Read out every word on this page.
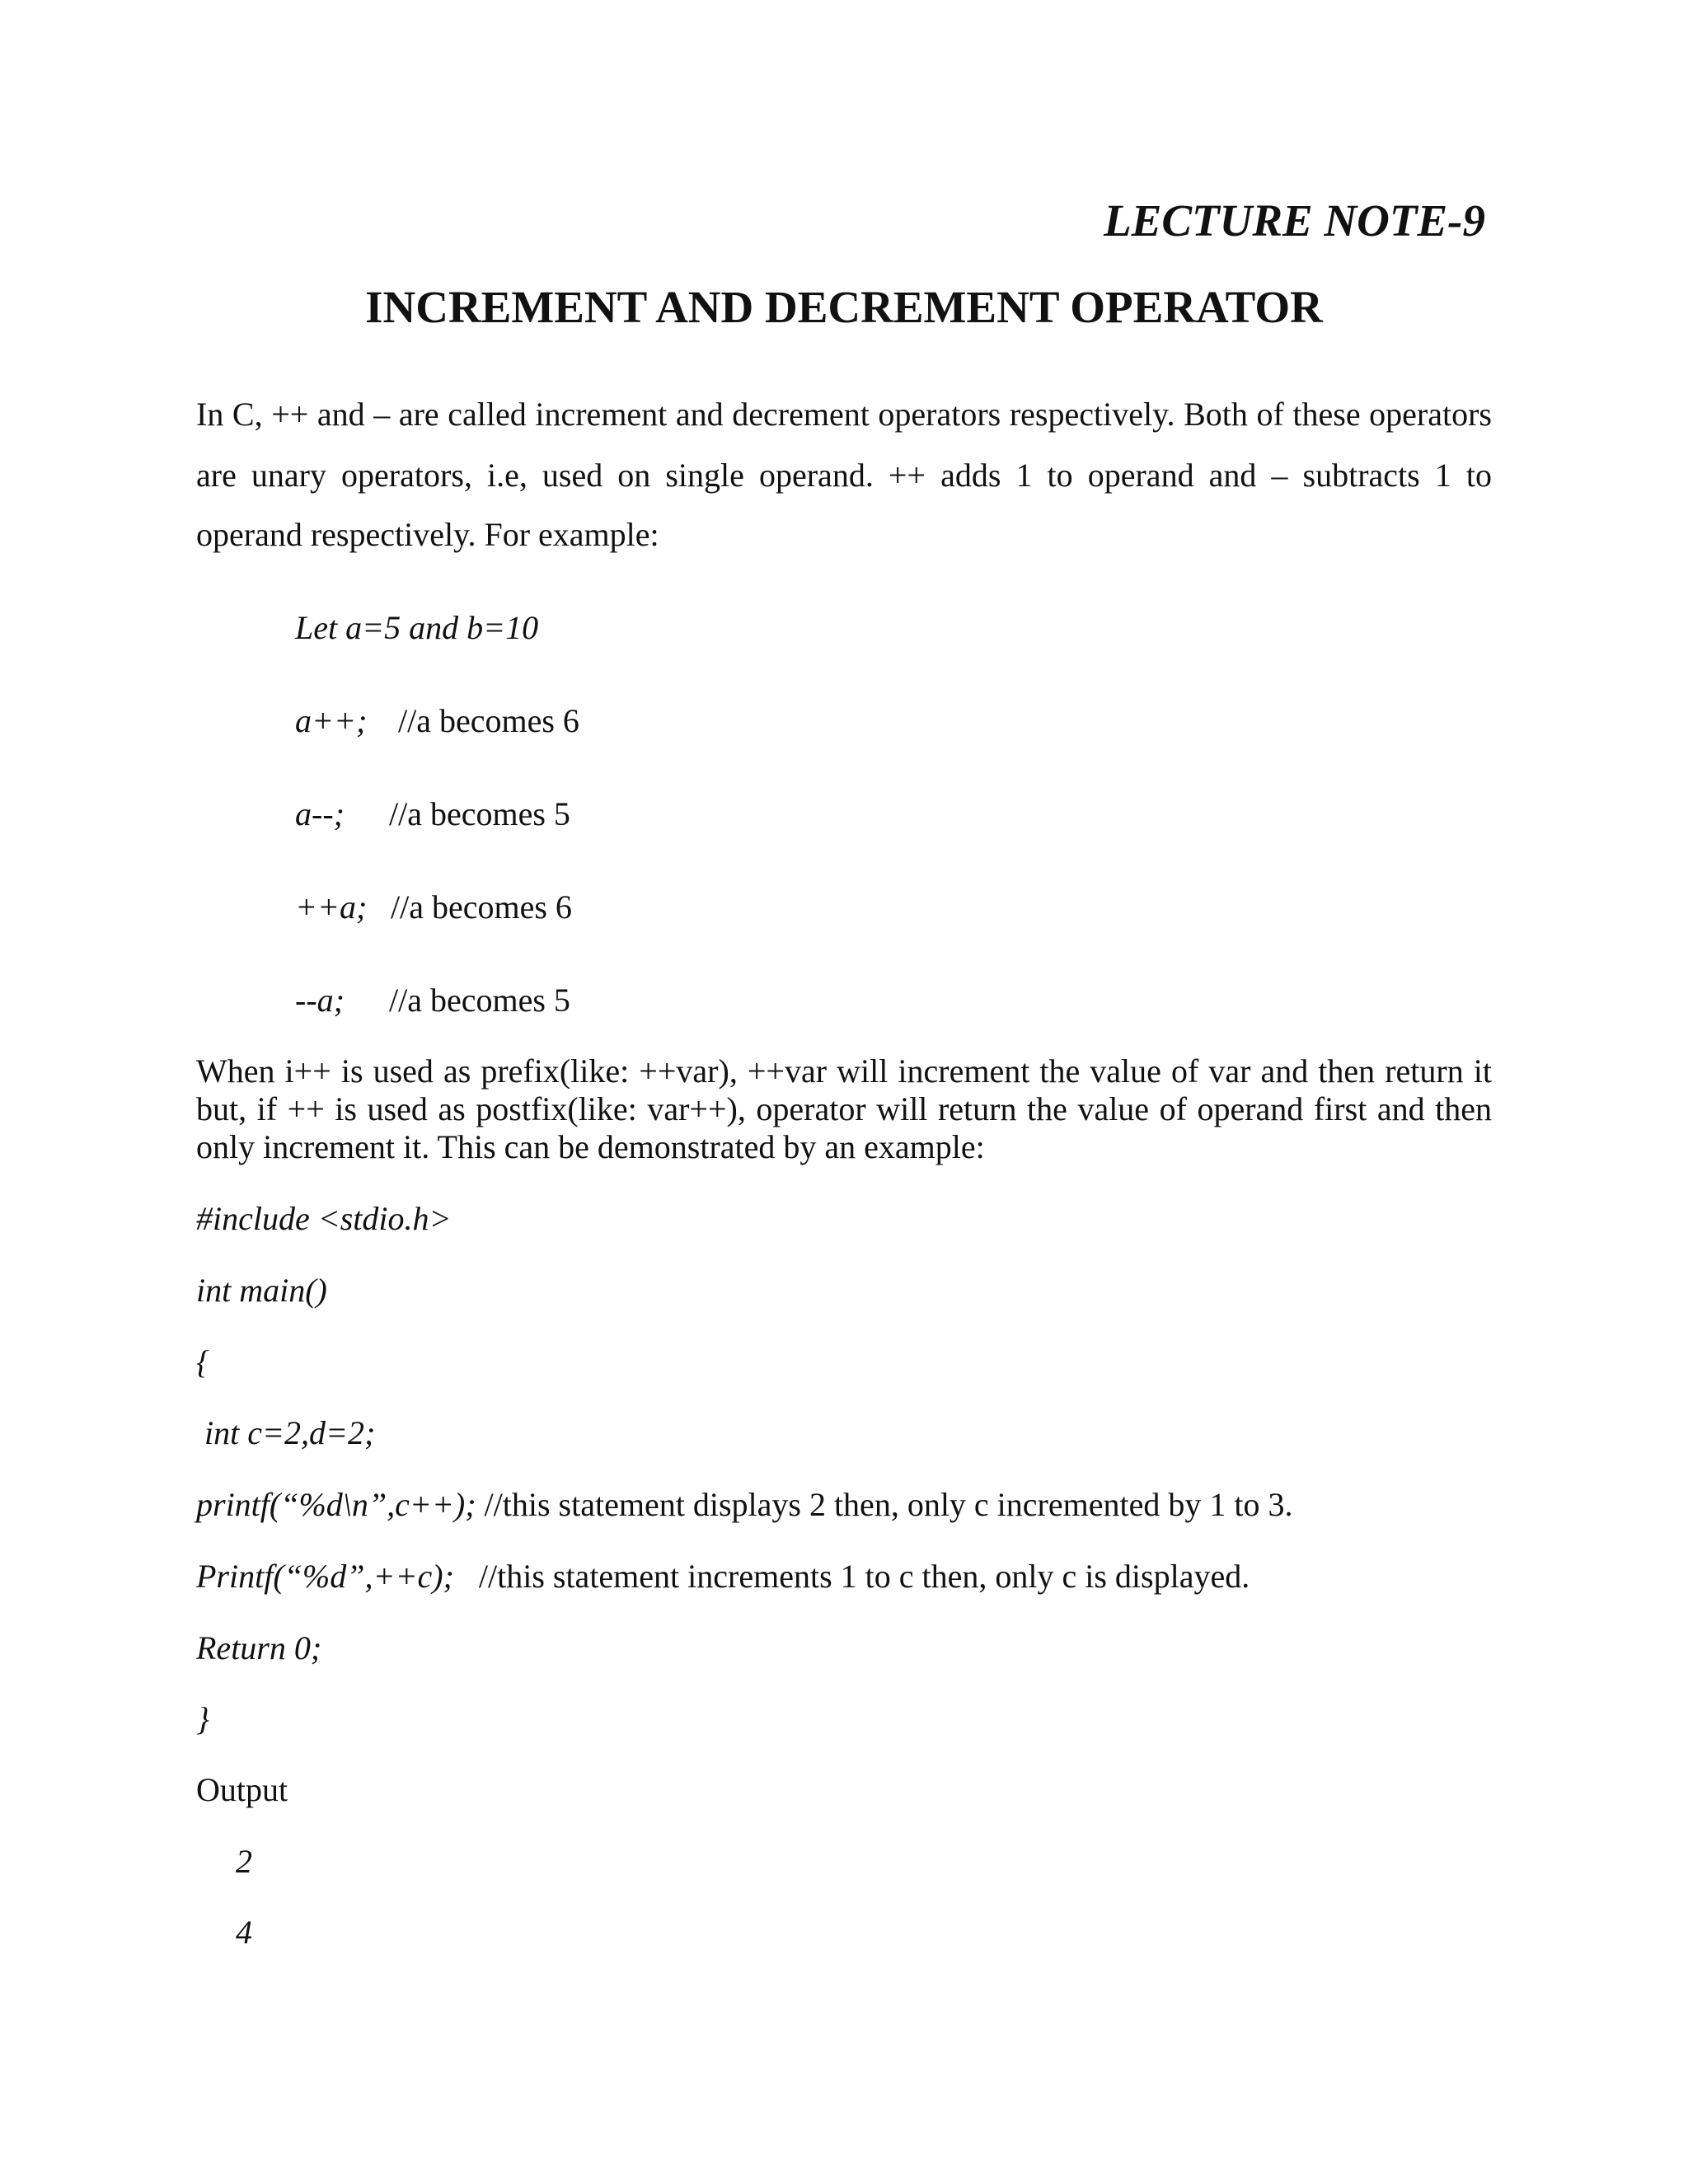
LECTURE NOTE-9
INCREMENT AND DECREMENT OPERATOR
In C, ++ and – are called increment and decrement operators respectively. Both of these operators
are unary operators, i.e, used on single operand. ++ adds 1 to operand and – subtracts 1 to
operand respectively. For example:
Let a=5 and b=10
a++; //a becomes 6
a--; //a becomes 5
++a; //a becomes 6
--a; //a becomes 5
When i++ is used as prefix(like: ++var), ++var will increment the value of var and then return it
but, if ++ is used as postfix(like: var++), operator will return the value of operand first and then
only increment it. This can be demonstrated by an example:
#include <stdio.h>
int main()
{
int c=2,d=2;
printf(“%d\n”,c++); //this statement displays 2 then, only c incremented by 1 to 3.
Printf(“%d”,++c);   //this statement increments 1 to c then, only c is displayed.
Return 0;
}
Output
2
4
